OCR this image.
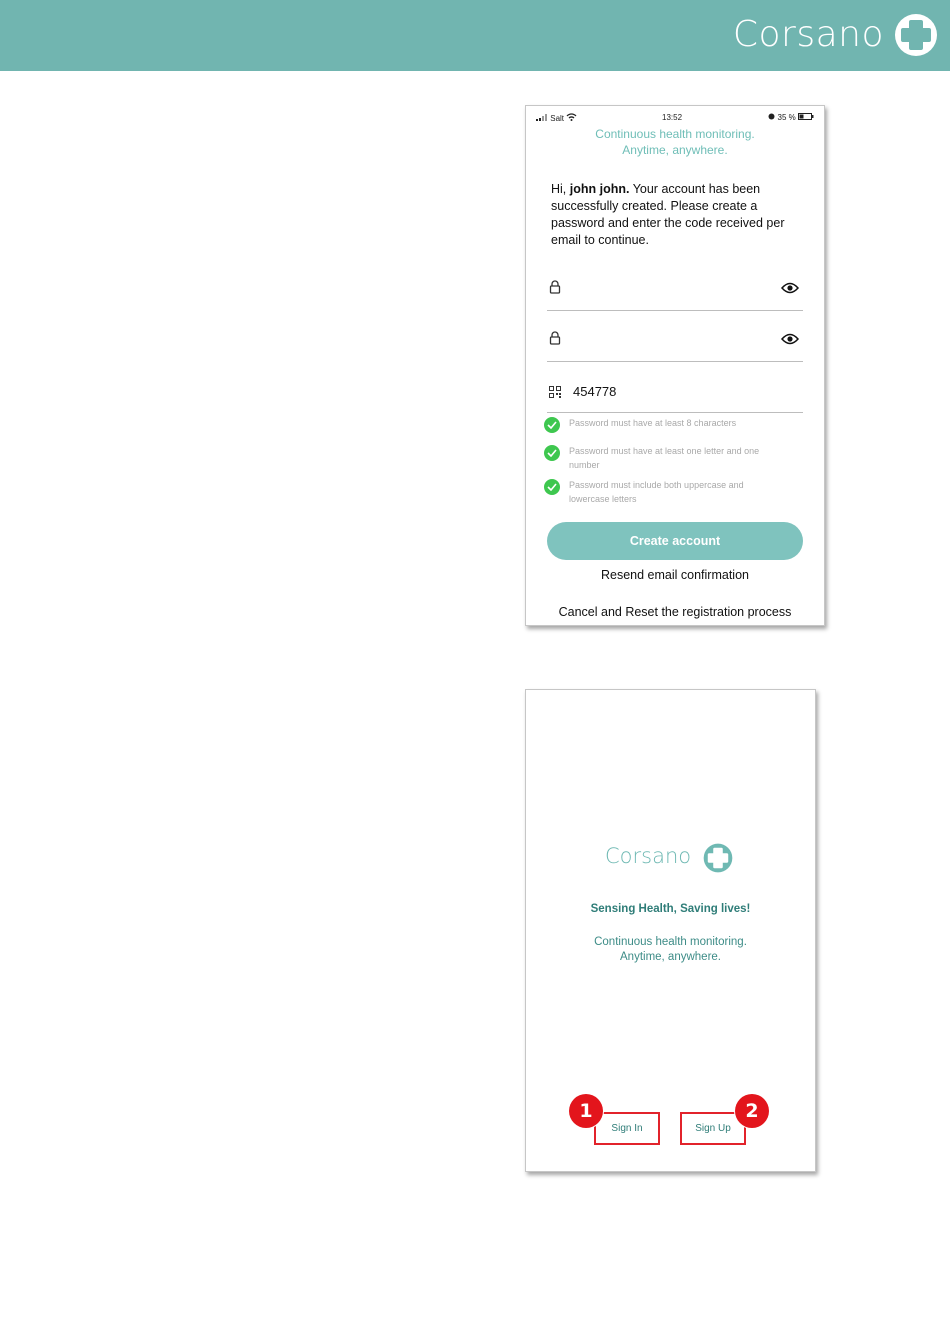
Corsano
Salt	13:52	35 %
Continuous health monitoring.
Anytime, anywhere.
Hi, john john. Your account has been successfully created. Please create a password and enter the code received per email to continue.
454778
Password must have at least 8 characters
Password must have at least one letter and one number
Password must include both uppercase and lowercase letters
Create account
Resend email confirmation
Cancel and Reset the registration process
Corsano
Sensing Health, Saving lives!
Continuous health monitoring.
Anytime, anywhere.
Sign In	Sign Up
1	2
